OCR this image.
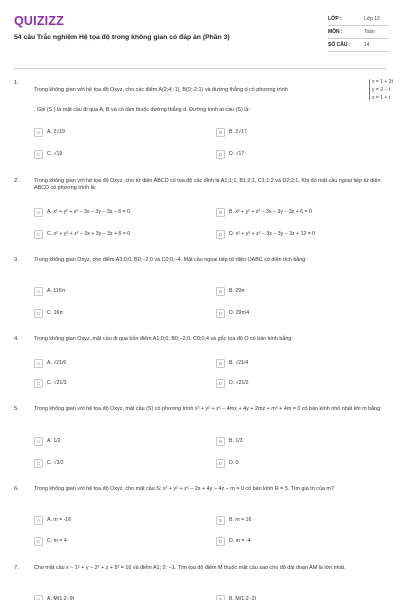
QUIZIZZ
54 câu Trắc nghiệm Hệ tọa độ trong không gian có đáp án (Phần 3)
LỚP :	Lớp 12
MÔN :	Toán
SỐ CÂU :	14
1.
Trong không gian với hệ tọa độ Oxyz, cho các điểm A(2;4;-1), B(0;-2;1) và đường thẳng d có phương trình
x = 1 + 2t
y = 2 − t
z = 1 + t
. Gọi (S ) là mặt cầu đi qua A, B và có tâm thuộc đường thẳng d. Đường kính at cầu (S) là:
A	A. 2√19	B	B. 2√17
C	C. √19	D	D. √17
2.	Trong không gian với hệ tọa độ Oxyz, cho tứ diện ABCD có tọa độ các đỉnh là A1;1;1, B1;2;1, C1;1;2 và D2;2;1. Khi đó mặt cầu ngoại tiếp tứ diện ABCD có phương trình là:
A	A. x² + y² + z² − 3x − 3y − 3z − 6 = 0	B	B. x² + y² + z² − 3x − 3y − 3z + 6 = 0
C	C. x² + y² + z² − 3x + 3y − 3z + 6 = 0	D	D. x² + y² + z² − 3x − 3y − 3z + 12 = 0
3.	Trong không gian Oxyz, cho điểm A3;0;0, B0;−2;0 và C0;0;−4. Mặt cầu ngoại tiếp tứ diện OABC có diện tích bằng:
A	A. 116π	B	B. 29π
C	C. 16π	D	D. 29π/4
4.	Trong không gian Oxyz, mặt cầu đi qua bốn điểm A1;0;0, B0;−2;0, C0;0;4 và gốc tọa độ O có bán kính bằng:
A	A. √21/6	B	B. √21/4
C	C. √21/3	D	D. √21/2
5.	Trong không gian với hệ tọa độ Oxyz, mặt cầu (S) có phương trình x² + y² + z² − 4mx + 4y + 2mz + m² + 4m = 0 có bán kính nhỏ nhất khi m bằng:
A	A. 1/2	B	B. 1/3
C	C. √3/2	D	D. 0
6.	Trong không gian với hệ tọa độ Oxyz, cho mặt cầu S: x² + y² + z² − 2x + 4y − 4z − m = 0 có bán kính R = 5. Tìm giá trị của m?
A	A. m = -16	B	B. m = 16
C	C. m = 4	D	D. m = -4
7.	Cho mặt cầu x − 1² + y − 2² + z + 5² = 16 và điểm A1; 2; −1. Tìm tọa độ điểm M thuộc mặt cầu sao cho độ dài đoạn AM là lớn nhất.
A	A. M(1;2;-9)	B	B. M(1;2;-2)
